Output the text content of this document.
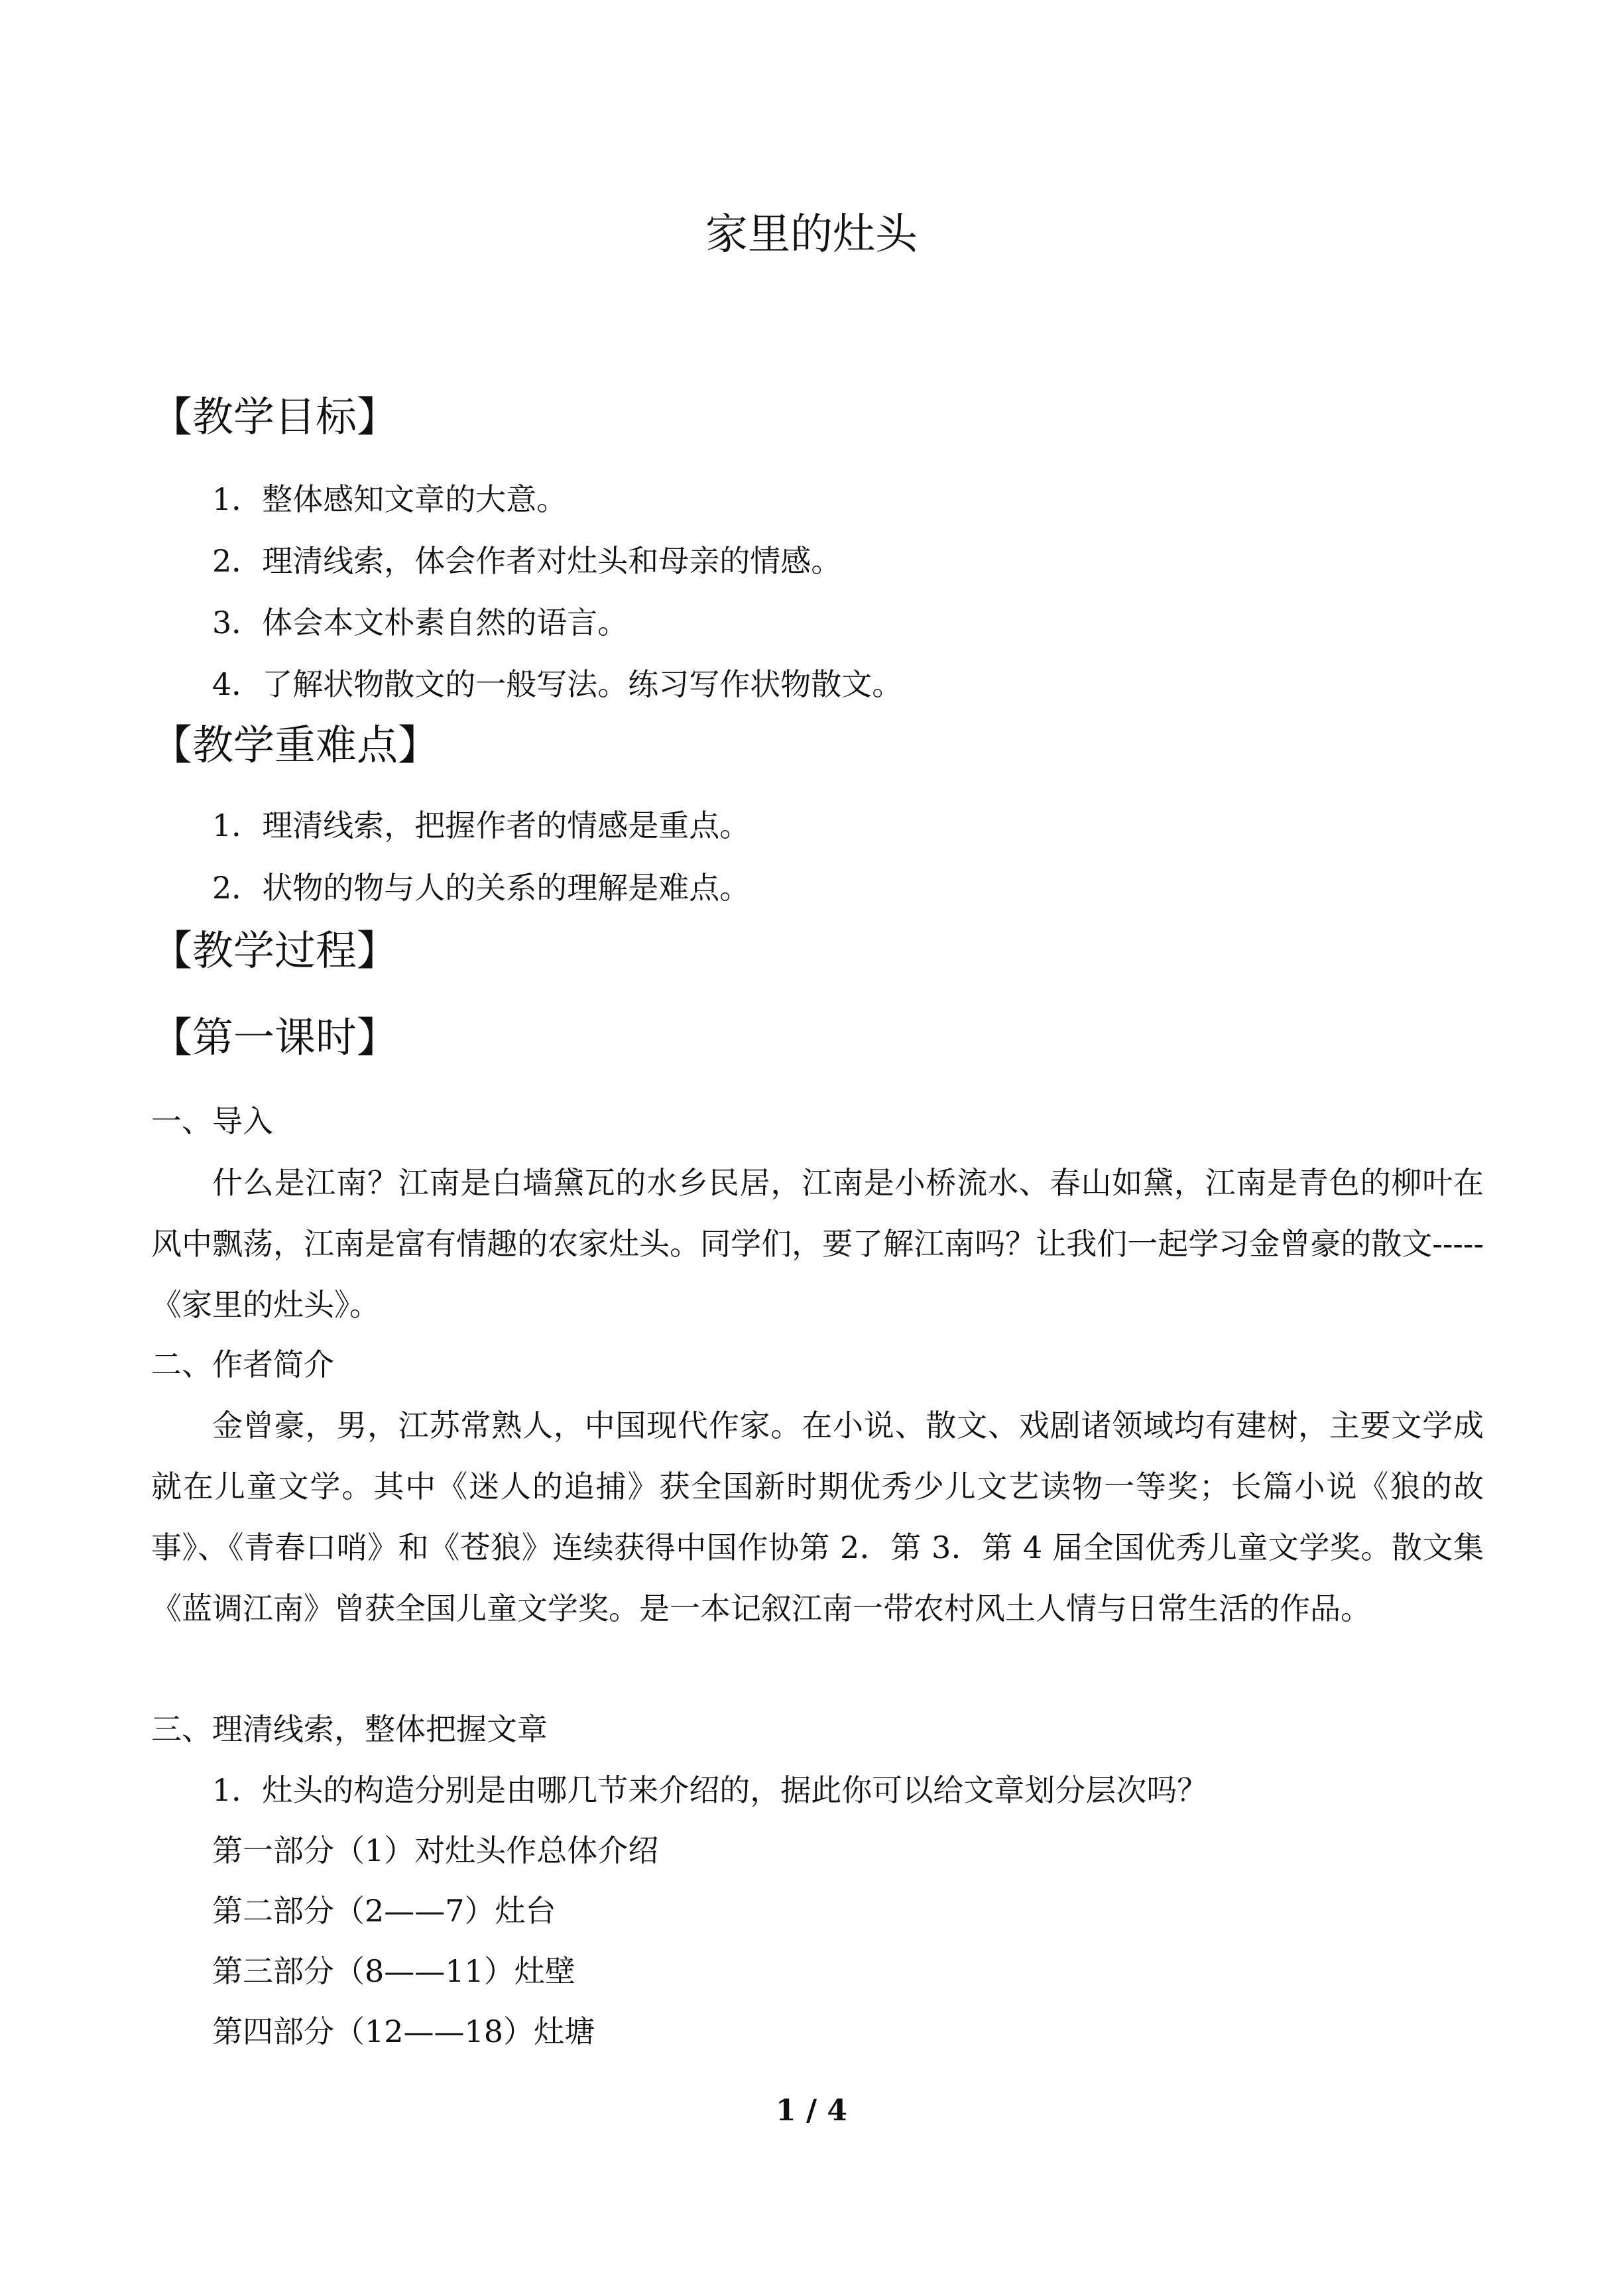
家里的灶头
【教学目标】
1．整体感知文章的大意。
2．理清线索，体会作者对灶头和母亲的情感。
3．体会本文朴素自然的语言。
4．了解状物散文的一般写法。练习写作状物散文。
【教学重难点】
1．理清线索，把握作者的情感是重点。
2．状物的物与人的关系的理解是难点。
【教学过程】
【第一课时】
一、导入
什么是江南？江南是白墙黛瓦的水乡民居，江南是小桥流水、春山如黛，江南是青色的柳叶在风中飘荡，江南是富有情趣的农家灶头。同学们，要了解江南吗？让我们一起学习金曾豪的散文-----《家里的灶头》。
二、作者简介
金曾豪，男，江苏常熟人，中国现代作家。在小说、散文、戏剧诸领域均有建树，主要文学成就在儿童文学。其中《迷人的追捕》获全国新时期优秀少儿文艺读物一等奖；长篇小说《狼的故事》、《青春口哨》和《苍狼》连续获得中国作协第 2．第 3．第 4 届全国优秀儿童文学奖。散文集《蓝调江南》曾获全国儿童文学奖。是一本记叙江南一带农村风土人情与日常生活的作品。
三、理清线索，整体把握文章
1．灶头的构造分别是由哪几节来介绍的，据此你可以给文章划分层次吗？
第一部分（1）对灶头作总体介绍
第二部分（2——7）灶台
第三部分（8——11）灶壁
第四部分（12——18）灶塘
1 / 4
